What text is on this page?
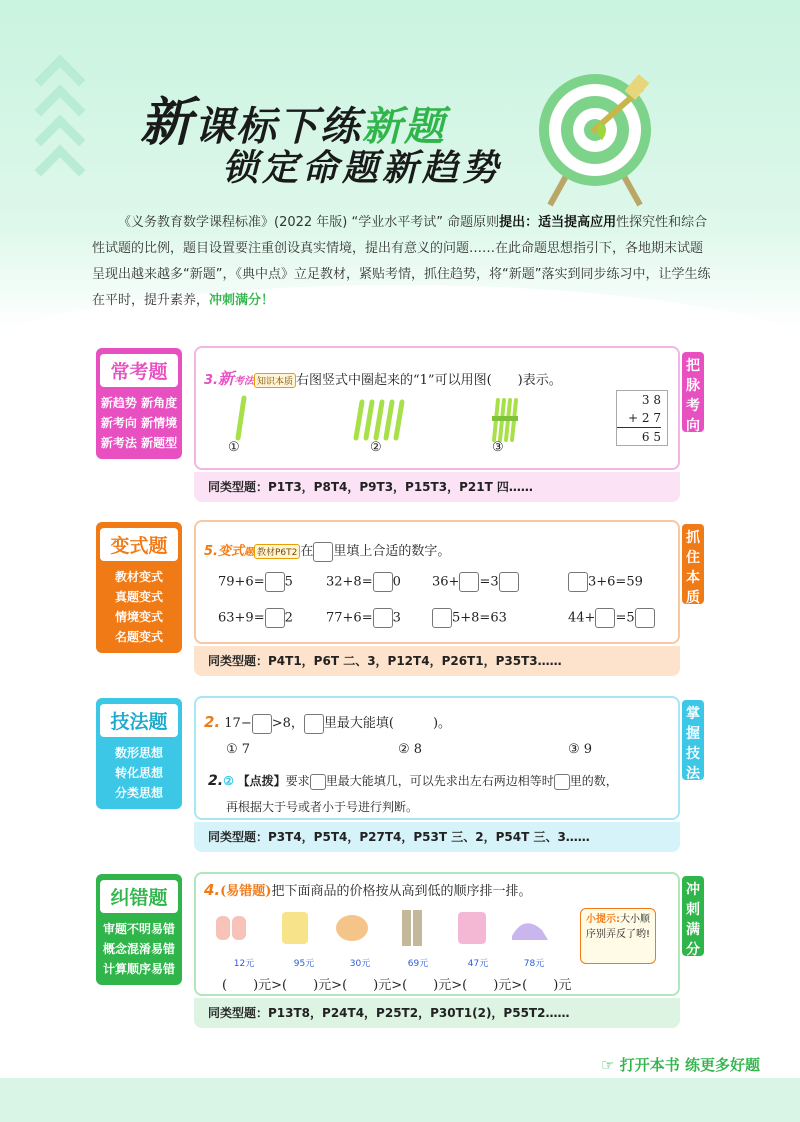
新课标下练新题
锁定命题新趋势

《义务教育数学课程标准》(2022 年版) “学业水平考试” 命题原则提出：适当提高应用性探究性和综合性试题的比例，题目设置要注重创设真实情境，提出有意义的问题……在此命题思想指引下，各地期末试题呈现出越来越多“新题”，《典中点》立足教材，紧贴考情，抓住趋势，将“新题”落实到同步练习中，让学生练在平时，提升素养，冲刺满分！

常考题
新趋势 新角度
新考向 新情境
新考法 新题型
3.新考法 知识本质 右图竖式中圈起来的“1”可以用图(　　)表示。
①	②	③
3 8
+ 2 7
6 5
把脉考向
同类型题：P1T3，P8T4，P9T3，P15T3，P21T 四……
变式题
教材变式
真题变式
情境变式
名题变式
5.变式题 教材P6T2 在 里填上合适的数字。
79+6= 5	32+8= 0 36+ =3	3+6=59
63+9= 2	77+6= 3	5+8=63	44+ =5
抓住本质
同类型题：P4T1，P6T 二、3，P12T4，P26T1，P35T3……
技法题
数形思想
转化思想
分类思想
2. 17− >8， 里最大能填(　　　)。
① 7	② 8	③ 9
2.② 【点拨】要求 里最大能填几，可以先求出左右两边相等时 里的数，
再根据大于号或者小于号进行判断。
掌握技法
同类型题：P3T4，P5T4，P27T4，P53T 三、2，P54T 三、3……
纠错题
审题不明易错
概念混淆易错
计算顺序易错
4.(易错题)把下面商品的价格按从高到低的顺序排一排。
12元	95元	30元	69元	47元	78元
小提示:大小顺序别弄反了哟!
(　　)元>(　　)元>(　　)元>(　　)元>(　　)元>(　　)元
冲刺满分
同类型题：P13T8，P24T4，P25T2，P30T1(2)，P55T2……
☞ 打开本书 练更多好题
